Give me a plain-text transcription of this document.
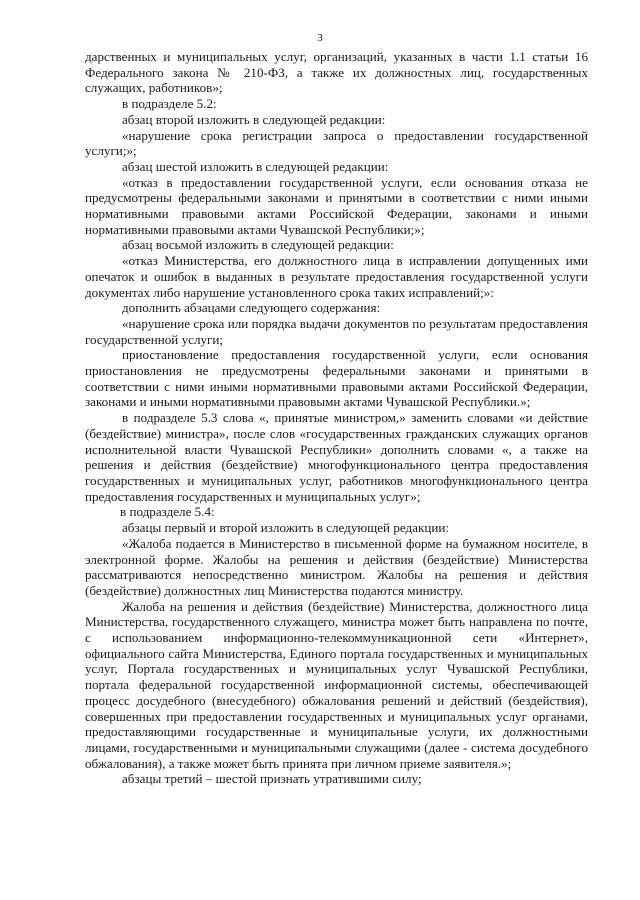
3

дарственных и муниципальных услуг, организаций, указанных в части 1.1 статьи 16 Федерального закона № 210-ФЗ, а также их должностных лиц, государственных служащих, работников»;

в подразделе 5.2:

абзац второй изложить в следующей редакции:

«нарушение срока регистрации запроса о предоставлении государственной услуги;»;

абзац шестой изложить в следующей редакции:

«отказ в предоставлении государственной услуги, если основания отказа не предусмотрены федеральными законами и принятыми в соответствии с ними иными нормативными правовыми актами Российской Федерации, законами и иными нормативными правовыми актами Чувашской Республики;»;

абзац восьмой изложить в следующей редакции:

«отказ Министерства, его должностного лица в исправлении допущенных ими опечаток и ошибок в выданных в результате предоставления государственной услуги документах либо нарушение установленного срока таких исправлений;»:

дополнить абзацами следующего содержания:

«нарушение срока или порядка выдачи документов по результатам предоставления государственной услуги;

приостановление предоставления государственной услуги, если основания приостановления не предусмотрены федеральными законами и принятыми в соответствии с ними иными нормативными правовыми актами Российской Федерации, законами и иными нормативными правовыми актами Чувашской Республики.»;

в подразделе 5.3 слова «, принятые министром,» заменить словами «и действие (бездействие) министра», после слов «государственных гражданских служащих органов исполнительной власти Чувашской Республики» дополнить словами «, а также на решения и действия (бездействие) многофункционального центра предоставления государственных и муниципальных услуг, работников многофункционального центра предоставления государственных и муниципальных услуг»;

в подразделе 5.4:

абзацы первый и второй изложить в следующей редакции:

«Жалоба подается в Министерство в письменной форме на бумажном носителе, в электронной форме. Жалобы на решения и действия (бездействие) Министерства рассматриваются непосредственно министром. Жалобы на решения и действия (бездействие) должностных лиц Министерства подаются министру.

Жалоба на решения и действия (бездействие) Министерства, должностного лица Министерства, государственного служащего, министра может быть направлена по почте, с использованием информационно-телекоммуникационной сети «Интернет», официального сайта Министерства, Единого портала государственных и муниципальных услуг, Портала государственных и муниципальных услуг Чувашской Республики, портала федеральной государственной информационной системы, обеспечивающей процесс досудебного (внесудебного) обжалования решений и действий (бездействия), совершенных при предоставлении государственных и муниципальных услуг органами, предоставляющими государственные и муниципальные услуги, их должностными лицами, государственными и муниципальными служащими (далее - система досудебного обжалования), а также может быть принята при личном приеме заявителя.»;

абзацы третий – шестой признать утратившими силу;
